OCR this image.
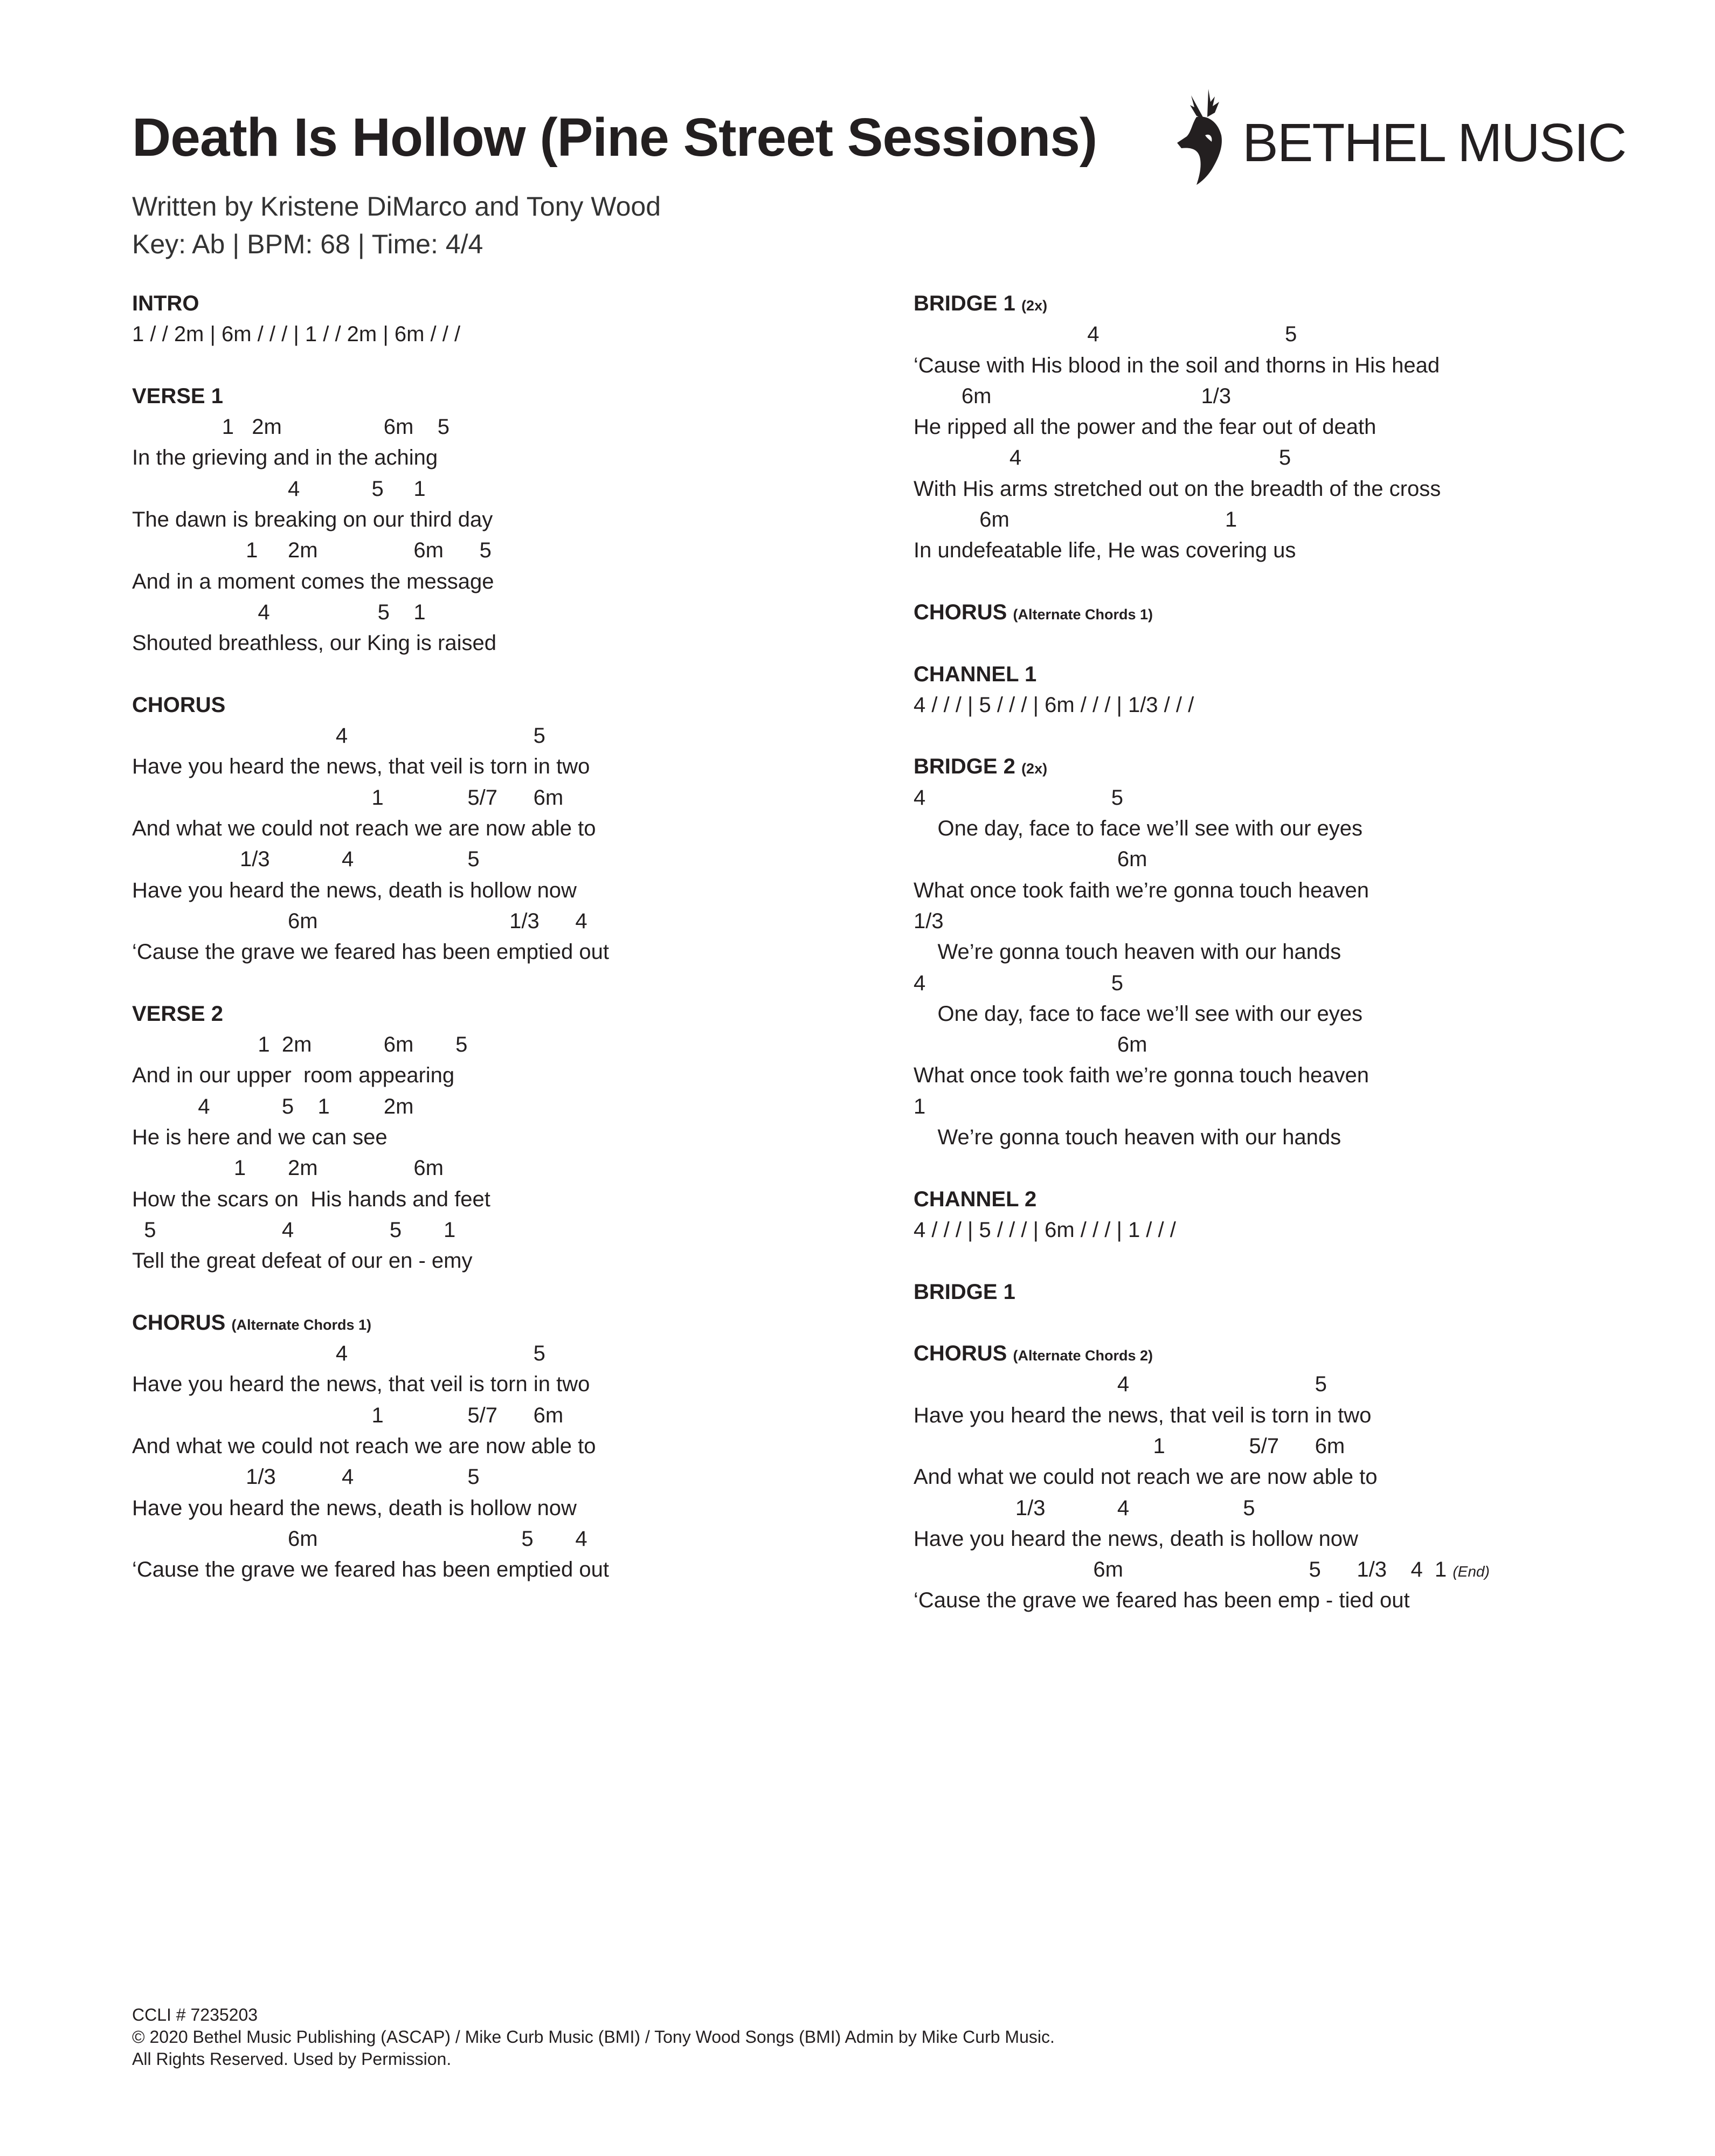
Death Is Hollow (Pine Street Sessions)	BETHEL MUSIC
Written by Kristene DiMarco and Tony Wood
Key: Ab | BPM: 68 | Time: 4/4
INTRO
1 / / 2m | 6m / / / | 1 / / 2m | 6m / / /
VERSE 1
1   2m                 6m    5
In the grieving and in the aching
4            5     1
The dawn is breaking on our third day
1     2m                6m      5
And in a moment comes the message
4                  5    1
Shouted breathless, our King is raised
CHORUS
4                               5
Have you heard the news, that veil is torn in two
1              5/7      6m
And what we could not reach we are now able to
1/3            4                   5
Have you heard the news, death is hollow now
6m                                1/3      4
‘Cause the grave we feared has been emptied out
VERSE 2
1  2m            6m       5
And in our upper  room appearing
4            5    1         2m
He is here and we can see
1       2m                6m
How the scars on  His hands and feet
5                     4                5       1
Tell the great defeat of our en - emy
CHORUS (Alternate Chords 1)
4                               5
Have you heard the news, that veil is torn in two
1              5/7      6m
And what we could not reach we are now able to
1/3           4                   5
Have you heard the news, death is hollow now
6m                                  5       4
‘Cause the grave we feared has been emptied out
BRIDGE 1 (2x)
4                               5
‘Cause with His blood in the soil and thorns in His head
6m                                   1/3
He ripped all the power and the fear out of death
4                                           5
With His arms stretched out on the breadth of the cross
6m                                    1
In undefeatable life, He was covering us
CHORUS (Alternate Chords 1)
CHANNEL 1
4 / / / | 5 / / / | 6m / / / | 1/3 / / /
BRIDGE 2 (2x)
4                               5
One day, face to face we’ll see with our eyes
6m
What once took faith we’re gonna touch heaven
1/3
We’re gonna touch heaven with our hands
4                               5
One day, face to face we’ll see with our eyes
6m
What once took faith we’re gonna touch heaven
1
We’re gonna touch heaven with our hands
CHANNEL 2
4 / / / | 5 / / / | 6m / / / | 1 / / /
BRIDGE 1
CHORUS (Alternate Chords 2)
4                               5
Have you heard the news, that veil is torn in two
1              5/7      6m
And what we could not reach we are now able to
1/3            4                   5
Have you heard the news, death is hollow now
6m                               5      1/3    4  1 (End)
‘Cause the grave we feared has been emp - tied out
CCLI # 7235203
© 2020 Bethel Music Publishing (ASCAP) / Mike Curb Music (BMI) / Tony Wood Songs (BMI) Admin by Mike Curb Music.
All Rights Reserved. Used by Permission.
